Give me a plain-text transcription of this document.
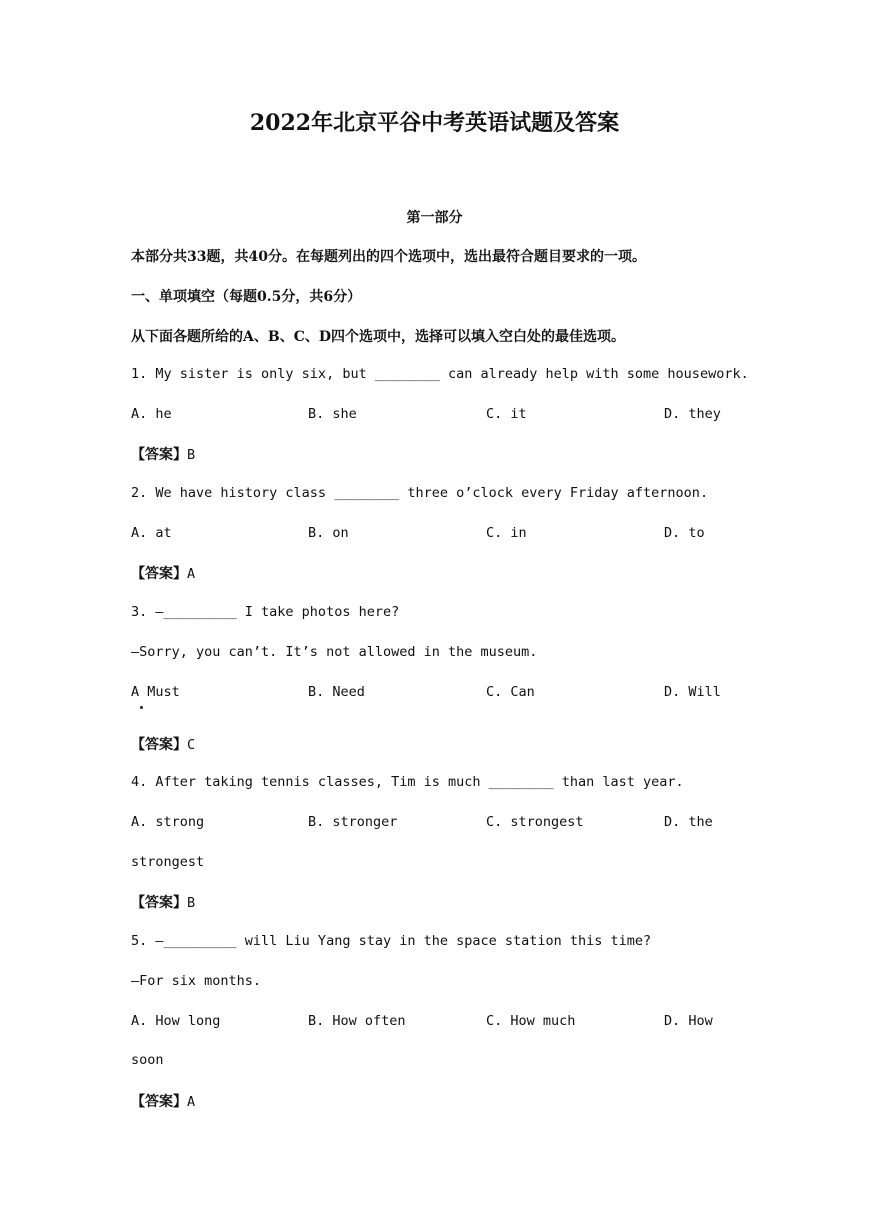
2022年北京平谷中考英语试题及答案
第一部分
本部分共33题，共40分。在每题列出的四个选项中，选出最符合题目要求的一项。
一、单项填空（每题0.5分，共6分）
从下面各题所给的A、B、C、D四个选项中，选择可以填入空白处的最佳选项。
1. My sister is only six, but ________ can already help with some housework.
A. he	B. she	C. it	D. they
【答案】B
2. We have history class ________ three o’clock every Friday afternoon.
A. at	B. on	C. in	D. to
【答案】A
3. —_________ I take photos here?
—Sorry, you can’t. It’s not allowed in the museum.
A Must	B. Need	C. Can	D. Will
【答案】C
4. After taking tennis classes, Tim is much ________ than last year.
A. strong	B. stronger	C. strongest	D. the
strongest
【答案】B
5. —_________ will Liu Yang stay in the space station this time?
—For six months.
A. How long	B. How often	C. How much	D. How
soon
【答案】A
